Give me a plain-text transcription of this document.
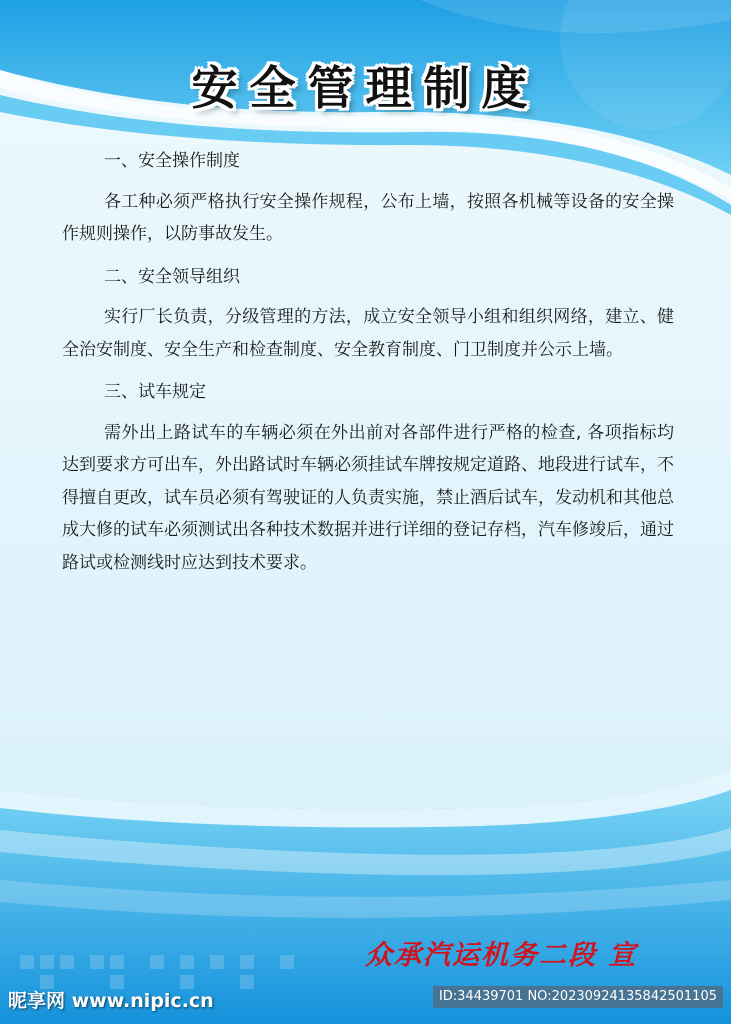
安全管理制度

一、安全操作制度

各工种必须严格执行安全操作规程，公布上墙，按照各机械等设备的安全操作规则操作，以防事故发生。

二、安全领导组织

实行厂长负责，分级管理的方法，成立安全领导小组和组织网络，建立、健全治安制度、安全生产和检查制度、安全教育制度、门卫制度并公示上墙。

三、试车规定

需外出上路试车的车辆必须在外出前对各部件进行严格的检查, 各项指标均达到要求方可出车，外出路试时车辆必须挂试车牌按规定道路、地段进行试车，不得擅自更改，试车员必须有驾驶证的人负责实施，禁止酒后试车，发动机和其他总成大修的试车必须测试出各种技术数据并进行详细的登记存档，汽车修竣后，通过路试或检测线时应达到技术要求。

众承汽运机务二段 宣
昵享网 www.nipic.cn	ID:34439701 NO:20230924135842501105
